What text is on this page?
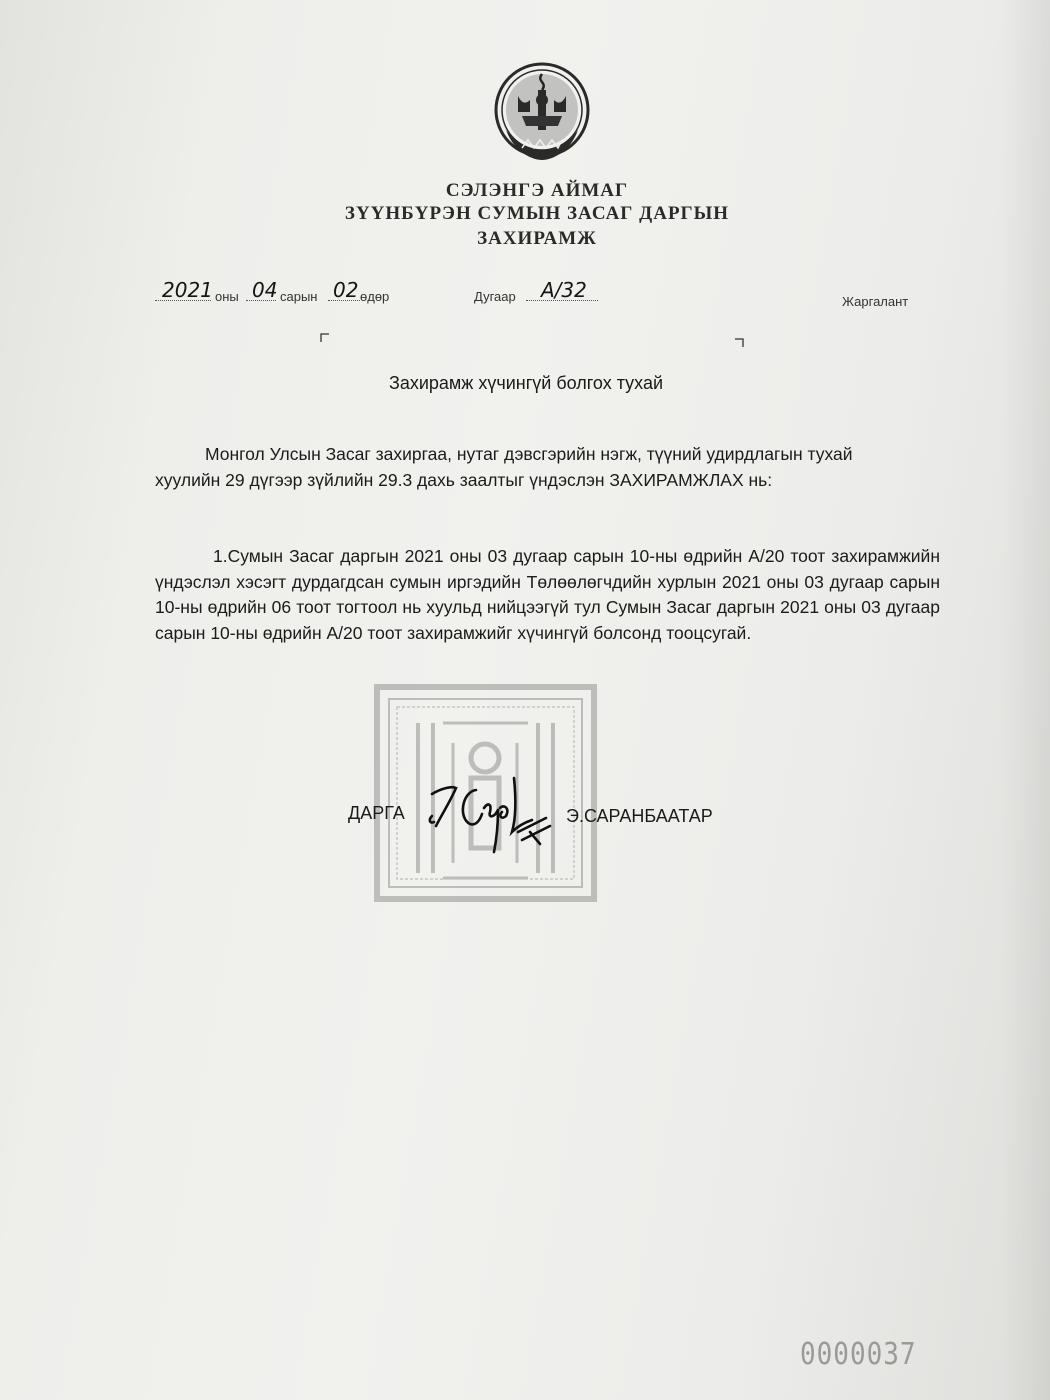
СЭЛЭНГЭ АЙМАГ
ЗҮҮНБҮРЭН СУМЫН ЗАСАГ ДАРГЫН
ЗАХИРАМЖ
2021 оны 04 сарын 02 өдөр	Дугаар А/32	Жаргалант
Захирамж хүчингүй болгох тухай
Монгол Улсын Засаг захиргаа, нутаг дэвсгэрийн нэгж, түүний удирдлагын тухай хуулийн 29 дүгээр зүйлийн 29.3 дахь заалтыг үндэслэн ЗАХИРАМЖЛАХ нь:
1.Сумын Засаг даргын 2021 оны 03 дугаар сарын 10-ны өдрийн А/20 тоот захирамжийн үндэслэл хэсэгт дурдагдсан сумын иргэдийн Төлөөлөгчдийн хурлын 2021 оны 03 дугаар сарын 10-ны өдрийн 06 тоот тогтоол нь хуульд нийцээгүй тул Сумын Засаг даргын 2021 оны 03 дугаар сарын 10-ны өдрийн А/20 тоот захирамжийг хүчингүй болсонд тооцсугай.
ДАРГА	Э.САРАНБААТАР
0000037
